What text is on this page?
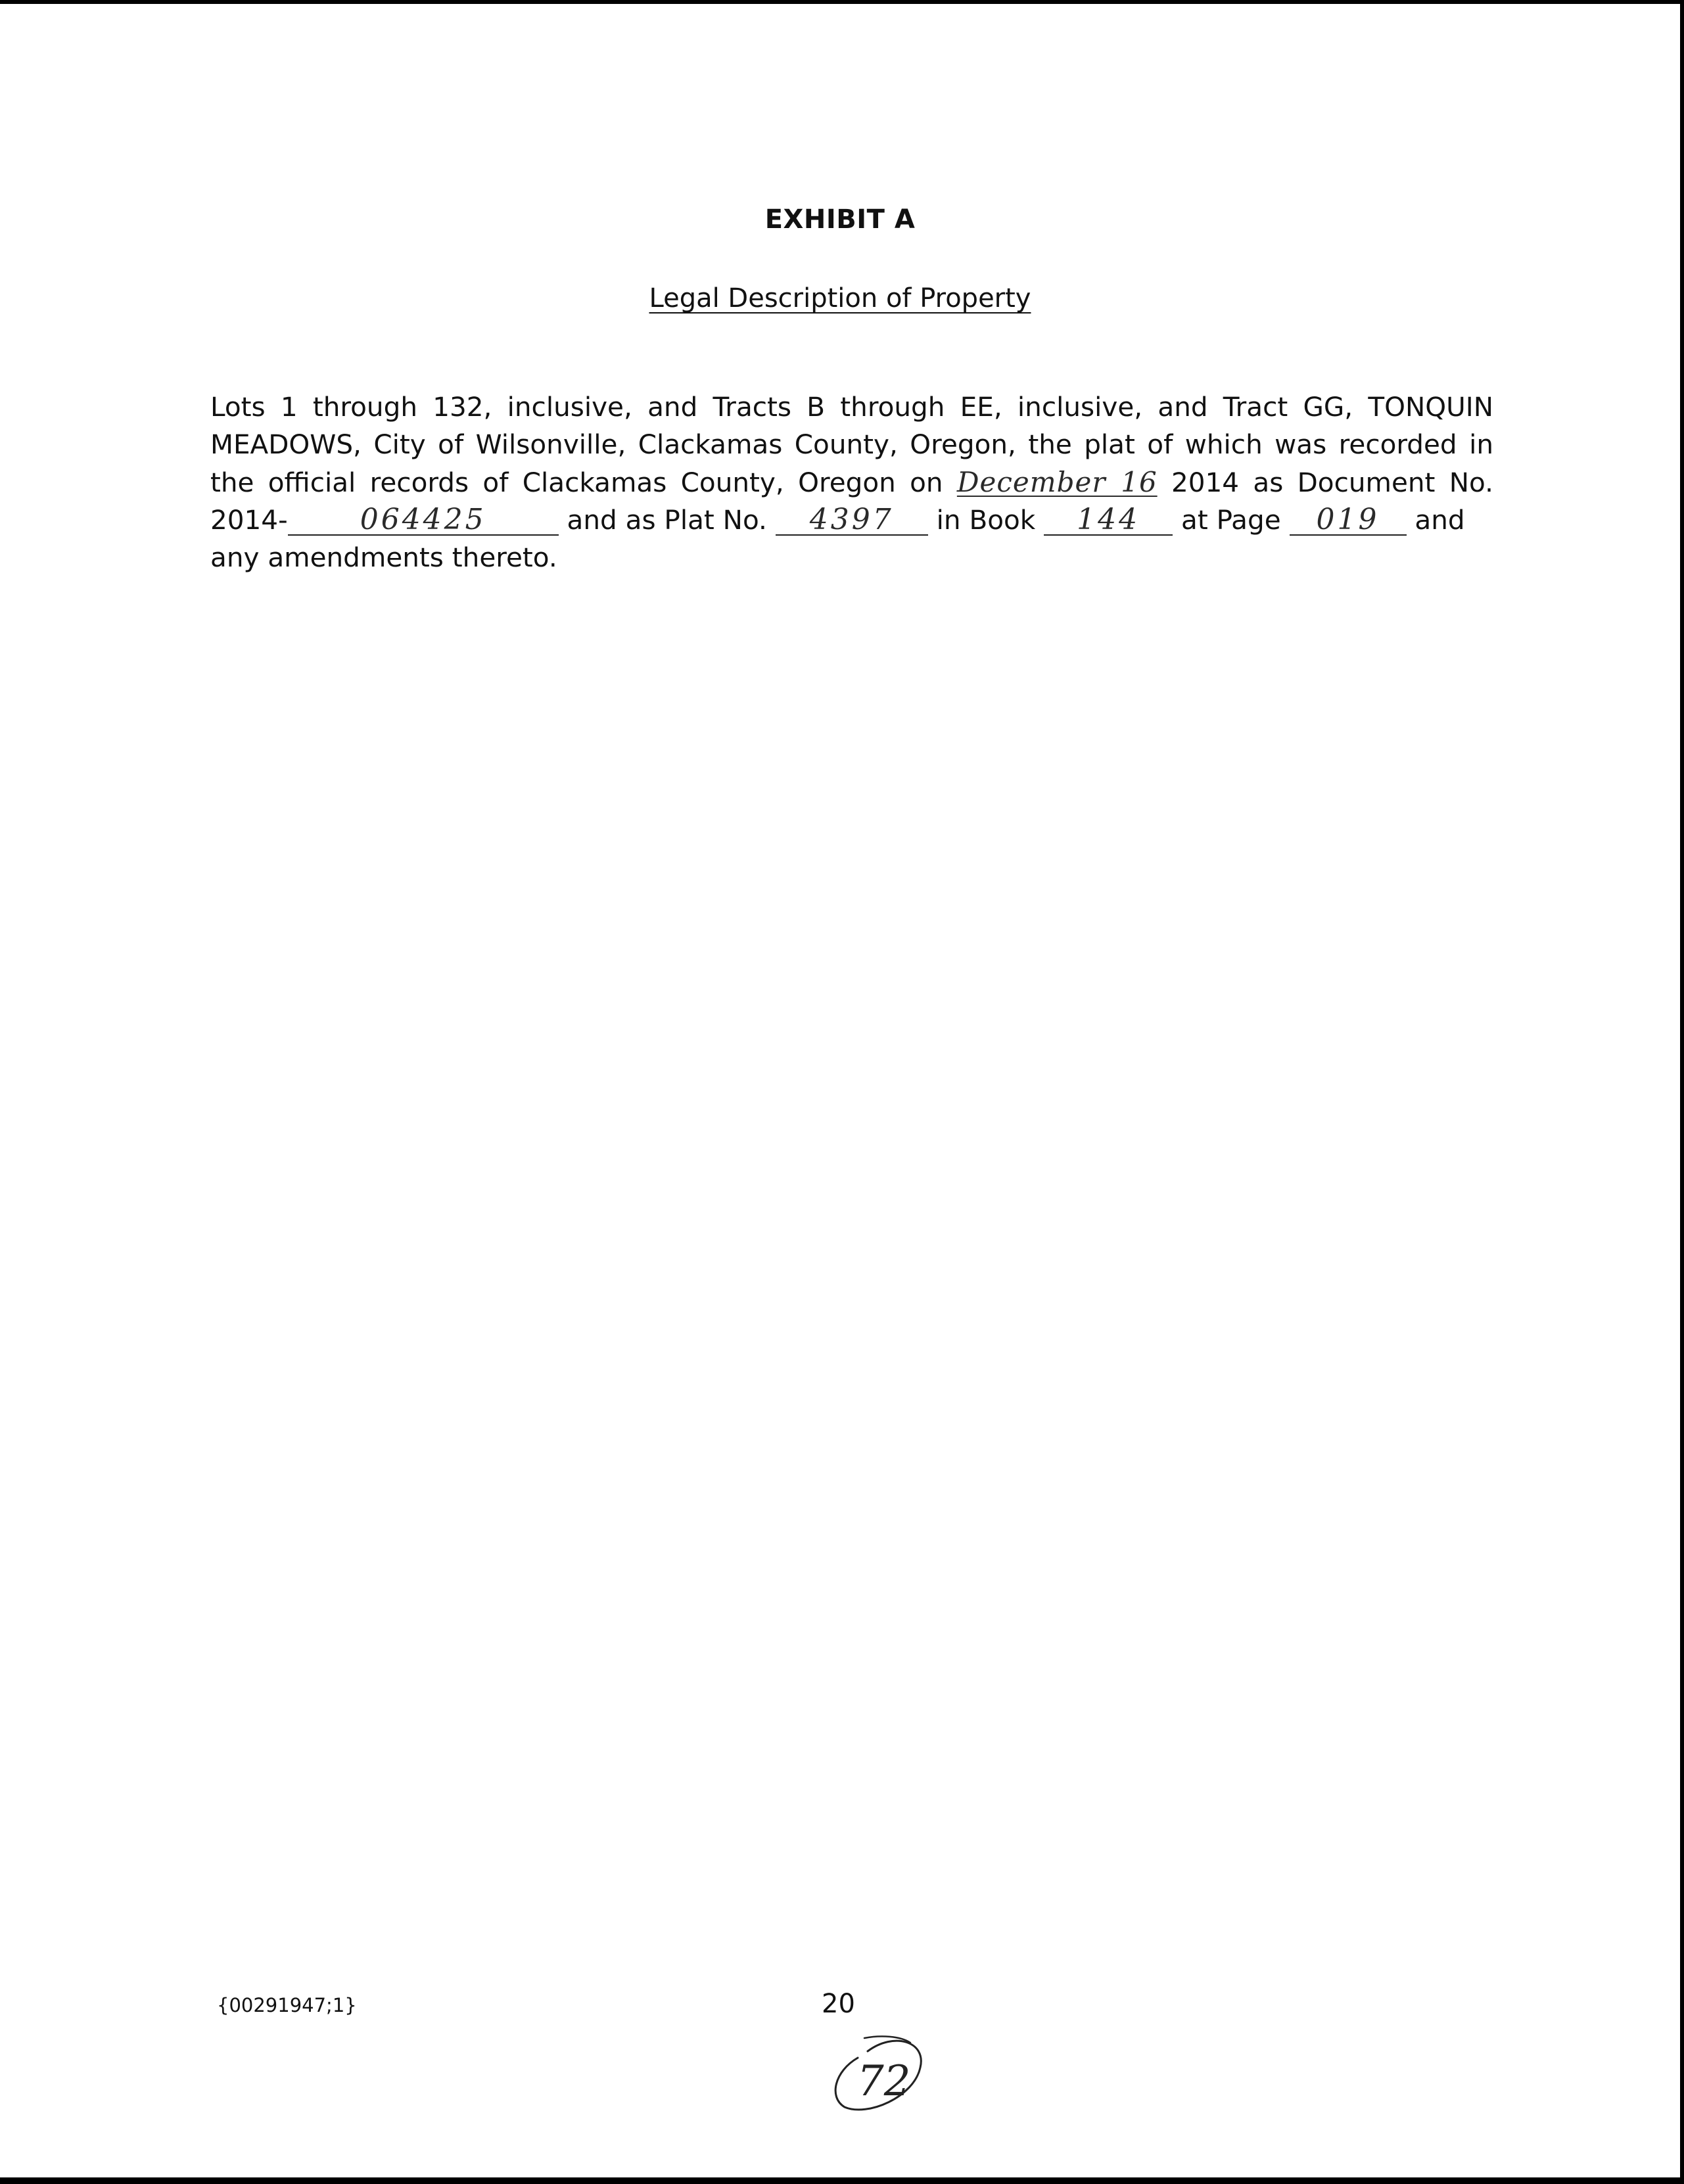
EXHIBIT A
Legal Description of Property
Lots 1 through 132, inclusive, and Tracts B through EE, inclusive, and Tract GG, TONQUIN
MEADOWS, City of Wilsonville, Clackamas County, Oregon, the plat of which was recorded in
the official records of Clackamas County, Oregon on December 16 2014 as Document No.
2014-	064425	and as Plat No. 4397 in Book 144 at Page 019 and
any amendments thereto.
{00291947;1}	20
72
